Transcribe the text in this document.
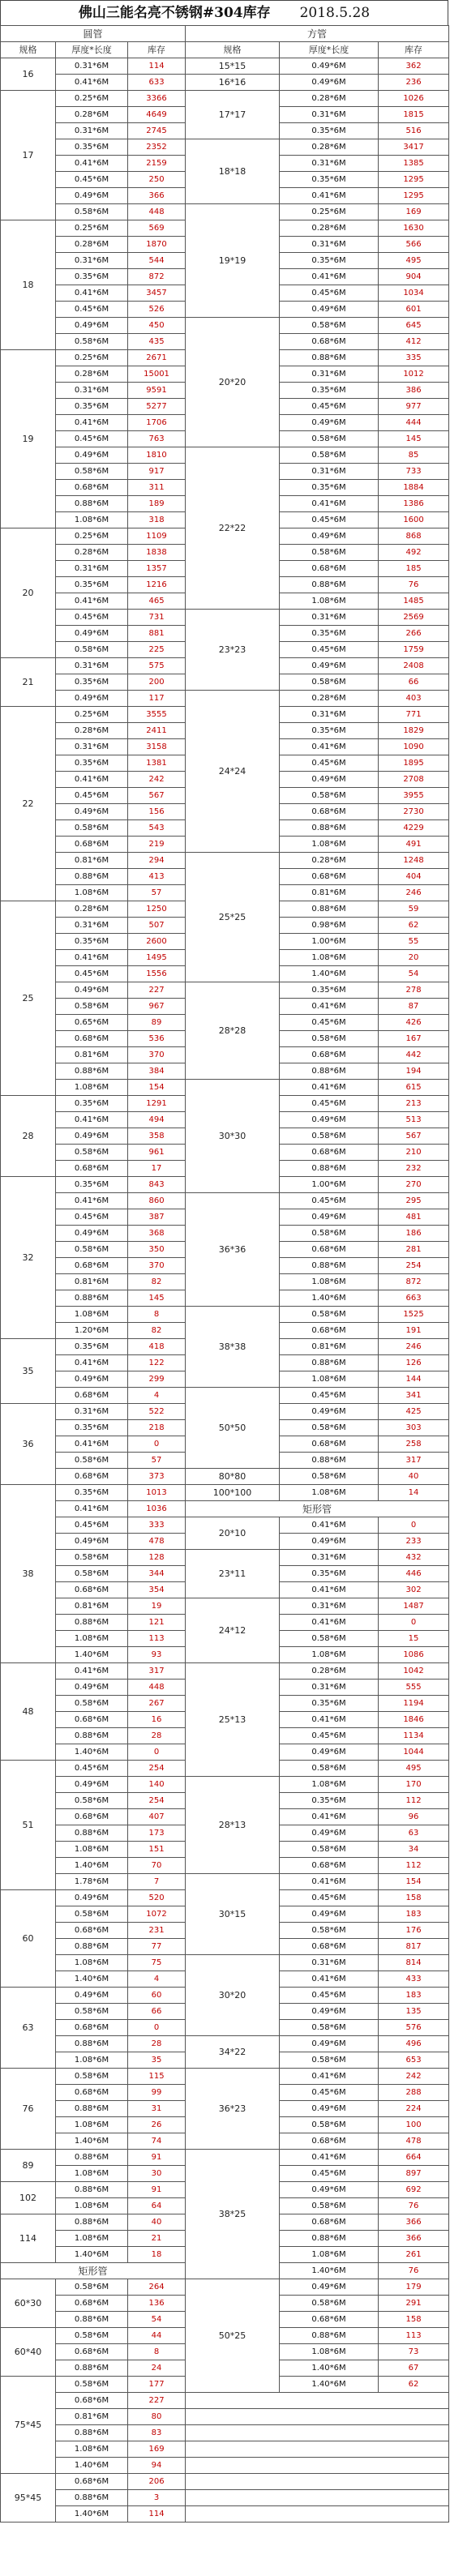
佛山三能名亮不锈钢#304库存 2018.5.28
圆管			方管		
规格	厚度*长度	库存	规格	厚度*长度	库存
16	0.31*6M	114	15*15	0.49*6M	362
	0.41*6M	633	16*16	0.49*6M	236
17	0.25*6M	3366	17*17	0.28*6M	1026
	0.28*6M	4649		0.31*6M	1815
	0.31*6M	2745		0.35*6M	516
	0.35*6M	2352	18*18	0.28*6M	3417
	0.41*6M	2159		0.31*6M	1385
	0.45*6M	250		0.35*6M	1295
	0.49*6M	366		0.41*6M	1295
	0.58*6M	448	19*19	0.25*6M	169
18	0.25*6M	569		0.28*6M	1630
	0.28*6M	1870		0.31*6M	566
	0.31*6M	544		0.35*6M	495
	0.35*6M	872		0.41*6M	904
	0.41*6M	3457		0.45*6M	1034
	0.45*6M	526		0.49*6M	601
	0.49*6M	450	20*20	0.58*6M	645
	0.58*6M	435		0.68*6M	412
19	0.25*6M	2671		0.88*6M	335
	0.28*6M	15001		0.31*6M	1012
	0.31*6M	9591		0.35*6M	386
	0.35*6M	5277		0.45*6M	977
	0.41*6M	1706		0.49*6M	444
	0.45*6M	763		0.58*6M	145
	0.49*6M	1810	22*22	0.58*6M	85
	0.58*6M	917		0.31*6M	733
	0.68*6M	311		0.35*6M	1884
	0.88*6M	189		0.41*6M	1386
	1.08*6M	318		0.45*6M	1600
20	0.25*6M	1109		0.49*6M	868
	0.28*6M	1838		0.58*6M	492
	0.31*6M	1357		0.68*6M	185
	0.35*6M	1216		0.88*6M	76
	0.41*6M	465		1.08*6M	1485
	0.45*6M	731	23*23	0.31*6M	2569
	0.49*6M	881		0.35*6M	266
	0.58*6M	225		0.45*6M	1759
21	0.31*6M	575		0.49*6M	2408
	0.35*6M	200		0.58*6M	66
	0.49*6M	117	24*24	0.28*6M	403
22	0.25*6M	3555		0.31*6M	771
	0.28*6M	2411		0.35*6M	1829
	0.31*6M	3158		0.41*6M	1090
	0.35*6M	1381		0.45*6M	1895
	0.41*6M	242		0.49*6M	2708
	0.45*6M	567		0.58*6M	3955
	0.49*6M	156		0.68*6M	2730
	0.58*6M	543		0.88*6M	4229
	0.68*6M	219		1.08*6M	491
	0.81*6M	294	25*25	0.28*6M	1248
	0.88*6M	413		0.68*6M	404
	1.08*6M	57		0.81*6M	246
25	0.28*6M	1250		0.88*6M	59
	0.31*6M	507		0.98*6M	62
	0.35*6M	2600		1.00*6M	55
	0.41*6M	1495		1.08*6M	20
	0.45*6M	1556		1.40*6M	54
	0.49*6M	227	28*28	0.35*6M	278
	0.58*6M	967		0.41*6M	87
	0.65*6M	89		0.45*6M	426
	0.68*6M	536		0.58*6M	167
	0.81*6M	370		0.68*6M	442
	0.88*6M	384		0.88*6M	194
	1.08*6M	154	30*30	0.41*6M	615
28	0.35*6M	1291		0.45*6M	213
	0.41*6M	494		0.49*6M	513
	0.49*6M	358		0.58*6M	567
	0.58*6M	961		0.68*6M	210
	0.68*6M	17		0.88*6M	232
32	0.35*6M	843		1.00*6M	270
	0.41*6M	860	36*36	0.45*6M	295
	0.45*6M	387		0.49*6M	481
	0.49*6M	368		0.58*6M	186
	0.58*6M	350		0.68*6M	281
	0.68*6M	370		0.88*6M	254
	0.81*6M	82		1.08*6M	872
	0.88*6M	145		1.40*6M	663
	1.08*6M	8	38*38	0.58*6M	1525
	1.20*6M	82		0.68*6M	191
35	0.35*6M	418		0.81*6M	246
	0.41*6M	122		0.88*6M	126
	0.49*6M	299		1.08*6M	144
	0.68*6M	4	50*50	0.45*6M	341
36	0.31*6M	522		0.49*6M	425
	0.35*6M	218		0.58*6M	303
	0.41*6M	0		0.68*6M	258
	0.58*6M	57		0.88*6M	317
	0.68*6M	373	80*80	0.58*6M	40
38	0.35*6M	1013	100*100	1.08*6M	14
	0.41*6M	1036	矩形管		
	0.45*6M	333	20*10	0.41*6M	0
	0.49*6M	478		0.49*6M	233
	0.58*6M	128	23*11	0.31*6M	432
	0.58*6M	344		0.35*6M	446
	0.68*6M	354		0.41*6M	302
	0.81*6M	19	24*12	0.31*6M	1487
	0.88*6M	121		0.41*6M	0
	1.08*6M	113		0.58*6M	15
	1.40*6M	93		1.08*6M	1086
48	0.41*6M	317	25*13	0.28*6M	1042
	0.49*6M	448		0.31*6M	555
	0.58*6M	267		0.35*6M	1194
	0.68*6M	16		0.41*6M	1846
	0.88*6M	28		0.45*6M	1134
	1.40*6M	0		0.49*6M	1044
51	0.45*6M	254		0.58*6M	495
	0.49*6M	140	28*13	1.08*6M	170
	0.58*6M	254		0.35*6M	112
	0.68*6M	407		0.41*6M	96
	0.88*6M	173		0.49*6M	63
	1.08*6M	151		0.58*6M	34
	1.40*6M	70		0.68*6M	112
	1.78*6M	7	30*15	0.41*6M	154
60	0.49*6M	520		0.45*6M	158
	0.58*6M	1072		0.49*6M	183
	0.68*6M	231		0.58*6M	176
	0.88*6M	77		0.68*6M	817
	1.08*6M	75	30*20	0.31*6M	814
	1.40*6M	4		0.41*6M	433
63	0.49*6M	60		0.45*6M	183
	0.58*6M	66		0.49*6M	135
	0.68*6M	0		0.58*6M	576
	0.88*6M	28	34*22	0.49*6M	496
	1.08*6M	35		0.58*6M	653
76	0.58*6M	115	36*23	0.41*6M	242
	0.68*6M	99		0.45*6M	288
	0.88*6M	31		0.49*6M	224
	1.08*6M	26		0.58*6M	100
	1.40*6M	74		0.68*6M	478
89	0.88*6M	91	38*25	0.41*6M	664
	1.08*6M	30		0.45*6M	897
102	0.88*6M	91		0.49*6M	692
	1.08*6M	64		0.58*6M	76
114	0.88*6M	40		0.68*6M	366
	1.08*6M	21		0.88*6M	366
	1.40*6M	18		1.08*6M	261
矩形管				1.40*6M	76
60*30	0.58*6M	264	50*25	0.49*6M	179
	0.68*6M	136		0.58*6M	291
	0.88*6M	54		0.68*6M	158
60*40	0.58*6M	44		0.88*6M	113
	0.68*6M	8		1.08*6M	73
	0.88*6M	24		1.40*6M	67
75*45	0.58*6M	177		1.40*6M	62
	0.68*6M	227			
	0.81*6M	80			
	0.88*6M	83			
	1.08*6M	169			
	1.40*6M	94			
95*45	0.68*6M	206			
	0.88*6M	3			
	1.40*6M	114			
